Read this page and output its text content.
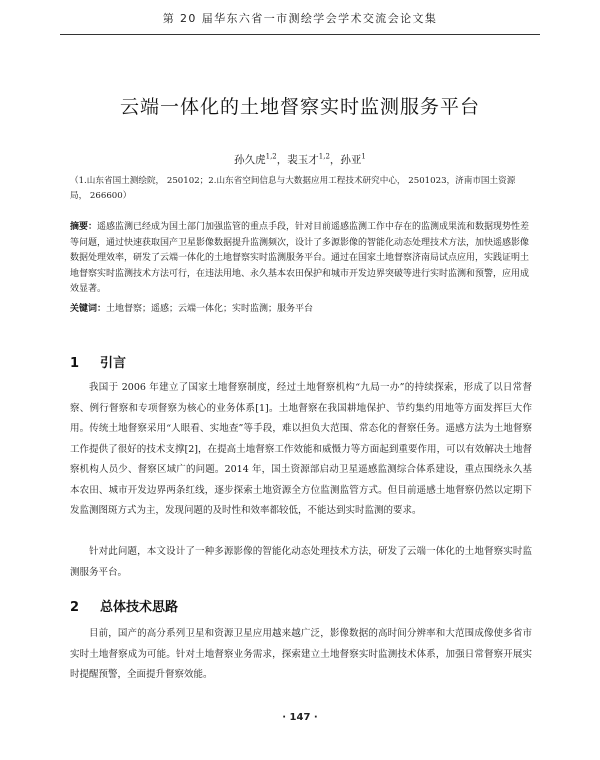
第 20 届华东六省一市测绘学会学术交流会论文集
云端一体化的土地督察实时监测服务平台
孙久虎$^{1,2}$，裴玉才$^{1,2}$，孙亚$^1$
（1.山东省国土测绘院， 250102；2.山东省空间信息与大数据应用工程技术研究中心， 2501023，济南市国土资源局， 266600）
摘要：遥感监测已经成为国土部门加强监管的重点手段，针对目前遥感监测工作中存在的监测成果流和数据现势性差等问题，通过快速获取国产卫星影像数据提升监测频次，设计了多源影像的智能化动态处理技术方法，加快遥感影像数据处理效率，研发了云端一体化的土地督察实时监测服务平台。通过在国家土地督察济南局试点应用，实践证明土地督察实时监测技术方法可行，在违法用地、永久基本农田保护和城市开发边界突破等进行实时监测和预警，应用成效显著。
关键词：土地督察；遥感；云端一体化；实时监测；服务平台
1 引言

我国于 2006 年建立了国家土地督察制度，经过土地督察机构“九局一办”的持续探索，形成了以日常督察、例行督察和专项督察为核心的业务体系[1]。土地督察在我国耕地保护、节约集约用地等方面发挥巨大作用。传统土地督察采用“人眼看、实地查”等手段，难以担负大范围、常态化的督察任务。遥感方法为土地督察工作提供了很好的技术支撑[2]，在提高土地督察工作效能和威慑力等方面起到重要作用，可以有效解决土地督察机构人员少、督察区域广的问题。2014 年，国土资源部启动卫星遥感监测综合体系建设，重点围绕永久基本农田、城市开发边界两条红线，逐步探索土地资源全方位监测监管方式。但目前遥感土地督察仍然以定期下发监测图斑方式为主，发现问题的及时性和效率都较低，不能达到实时监测的要求。

针对此问题，本文设计了一种多源影像的智能化动态处理技术方法，研发了云端一体化的土地督察实时监测服务平台。

2 总体技术思路

目前，国产的高分系列卫星和资源卫星应用越来越广泛，影像数据的高时间分辨率和大范围成像使多省市实时土地督察成为可能。针对土地督察业务需求，探索建立土地督察实时监测技术体系，加强日常督察开展实时提醒预警，全面提升督察效能。

· 147 ·
